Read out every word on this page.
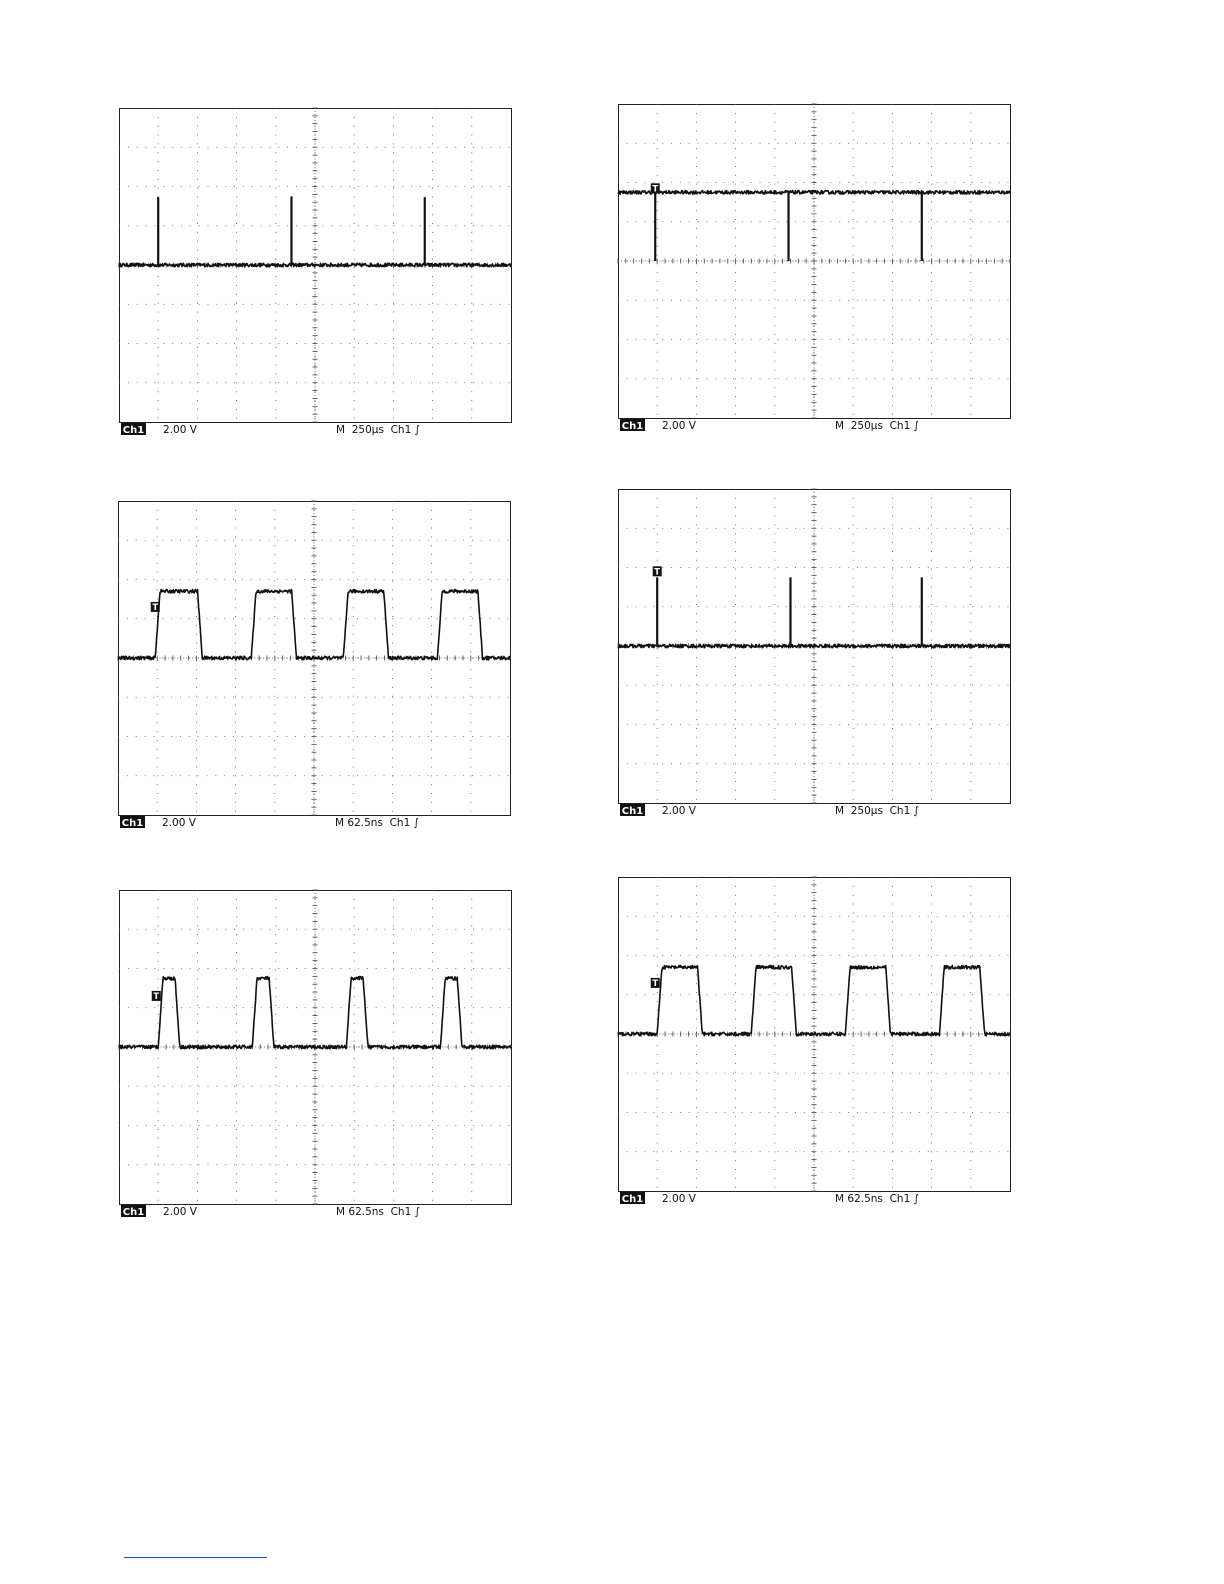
Ch1 2.00 V	M  250µs  Ch1 ∫
T
Ch1 2.00 V	M  250µs  Ch1 ∫
T
Ch1 2.00 V	M 62.5ns  Ch1 ∫
T
Ch1 2.00 V	M  250µs  Ch1 ∫
T
Ch1 2.00 V	M 62.5ns  Ch1 ∫
T
Ch1 2.00 V	M 62.5ns  Ch1 ∫
